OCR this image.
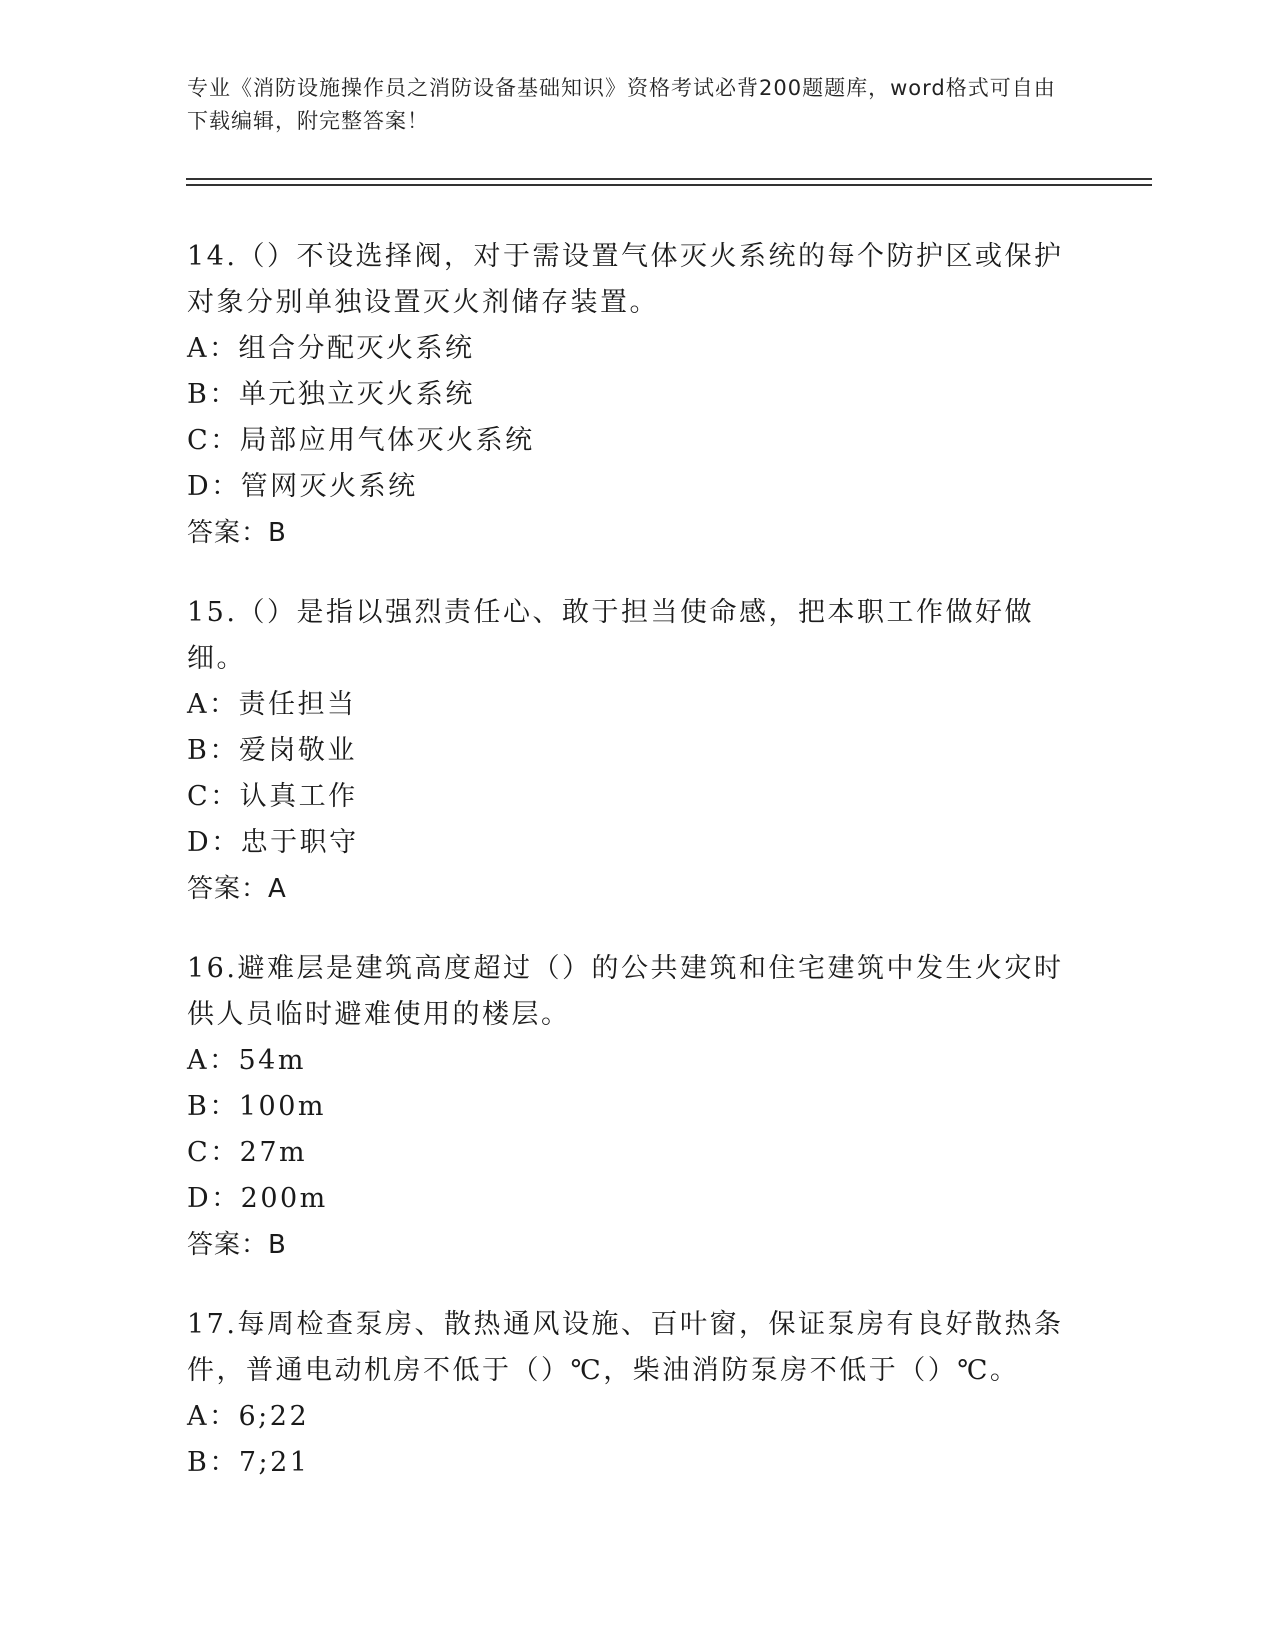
专业《消防设施操作员之消防设备基础知识》资格考试必背200题题库，word格式可自由下载编辑，附完整答案！
14.（）不设选择阀，对于需设置气体灭火系统的每个防护区或保护对象分别单独设置灭火剂储存装置。
A：组合分配灭火系统
B：单元独立灭火系统
C：局部应用气体灭火系统
D：管网灭火系统
答案：B
15.（）是指以强烈责任心、敢于担当使命感，把本职工作做好做细。
A：责任担当
B：爱岗敬业
C：认真工作
D：忠于职守
答案：A
16.避难层是建筑高度超过（）的公共建筑和住宅建筑中发生火灾时供人员临时避难使用的楼层。
A：54m
B：100m
C：27m
D：200m
答案：B
17.每周检查泵房、散热通风设施、百叶窗，保证泵房有良好散热条件，普通电动机房不低于（）℃，柴油消防泵房不低于（）℃。
A：6;22
B：7;21
